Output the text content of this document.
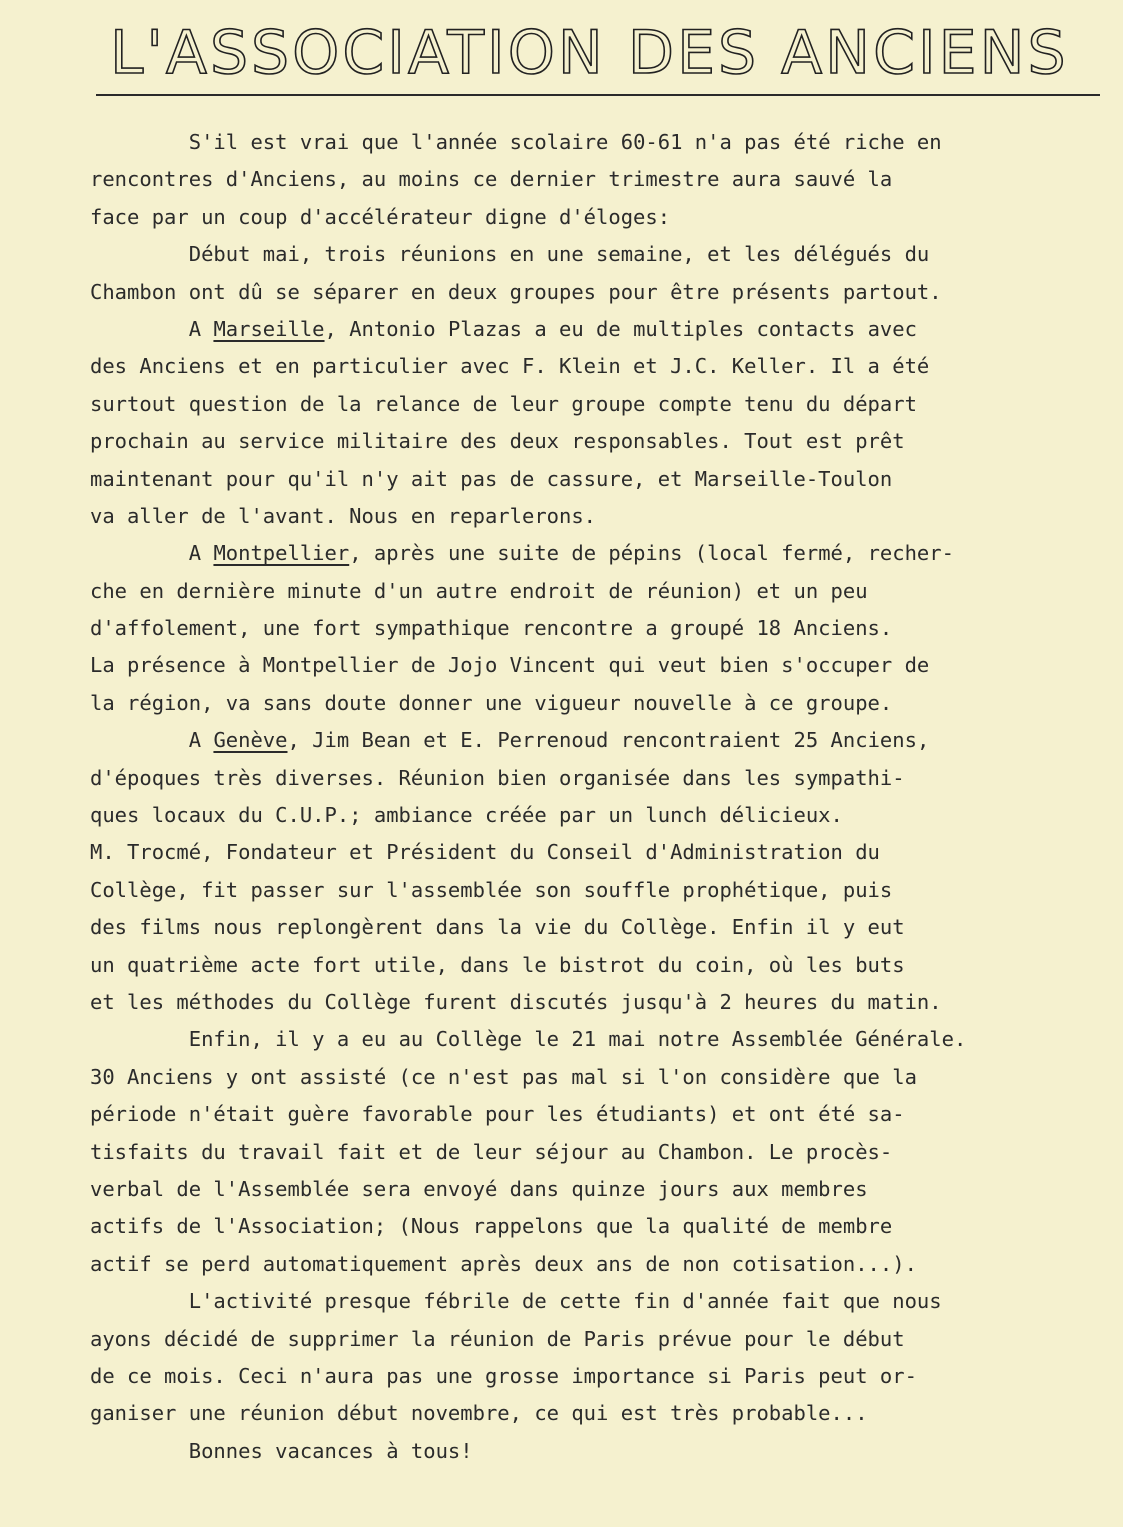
L'ASSOCIATION DES ANCIENS
S'il est vrai que l'année scolaire 60-61 n'a pas été riche en
rencontres d'Anciens, au moins ce dernier trimestre aura sauvé la
face par un coup d'accélérateur digne d'éloges:
Début mai, trois réunions en une semaine, et les délégués du
Chambon ont dû se séparer en deux groupes pour être présents partout.
A Marseille, Antonio Plazas a eu de multiples contacts avec
des Anciens et en particulier avec F. Klein et J.C. Keller. Il a été
surtout question de la relance de leur groupe compte tenu du départ
prochain au service militaire des deux responsables. Tout est prêt
maintenant pour qu'il n'y ait pas de cassure, et Marseille-Toulon
va aller de l'avant. Nous en reparlerons.
A Montpellier, après une suite de pépins (local fermé, recher-
che en dernière minute d'un autre endroit de réunion) et un peu
d'affolement, une fort sympathique rencontre a groupé 18 Anciens.
La présence à Montpellier de Jojo Vincent qui veut bien s'occuper de
la région, va sans doute donner une vigueur nouvelle à ce groupe.
A Genève, Jim Bean et E. Perrenoud rencontraient 25 Anciens,
d'époques très diverses. Réunion bien organisée dans les sympathi-
ques locaux du C.U.P.; ambiance créée par un lunch délicieux.
M. Trocmé, Fondateur et Président du Conseil d'Administration du
Collège, fit passer sur l'assemblée son souffle prophétique, puis
des films nous replongèrent dans la vie du Collège. Enfin il y eut
un quatrième acte fort utile, dans le bistrot du coin, où les buts
et les méthodes du Collège furent discutés jusqu'à 2 heures du matin.
Enfin, il y a eu au Collège le 21 mai notre Assemblée Générale.
30 Anciens y ont assisté (ce n'est pas mal si l'on considère que la
période n'était guère favorable pour les étudiants) et ont été sa-
tisfaits du travail fait et de leur séjour au Chambon. Le procès-
verbal de l'Assemblée sera envoyé dans quinze jours aux membres
actifs de l'Association; (Nous rappelons que la qualité de membre
actif se perd automatiquement après deux ans de non cotisation...).
L'activité presque fébrile de cette fin d'année fait que nous
ayons décidé de supprimer la réunion de Paris prévue pour le début
de ce mois. Ceci n'aura pas une grosse importance si Paris peut or-
ganiser une réunion début novembre, ce qui est très probable...
Bonnes vacances à tous!
